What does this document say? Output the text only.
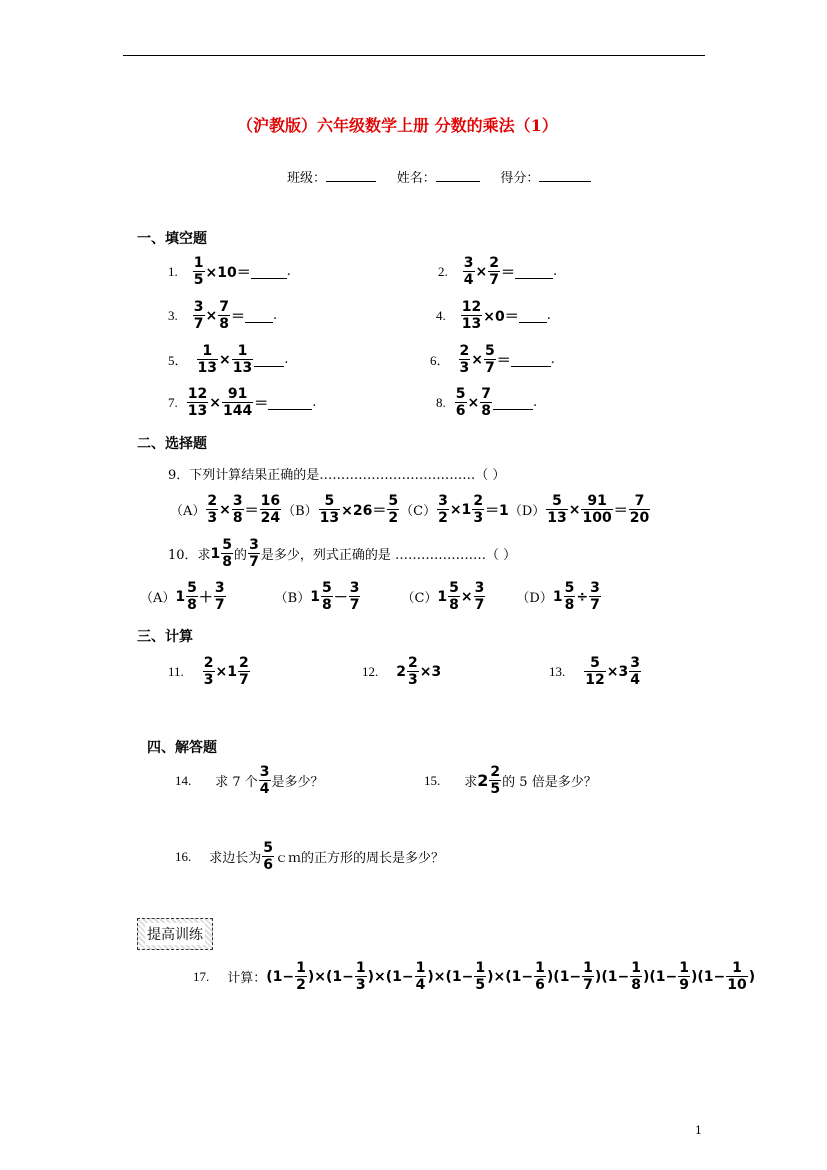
（沪教版）六年级数学上册 分数的乘法（1）
班级：	姓名：	得分：
一、填空题
1. $\frac{1}{5} \times 10=$	.	2. $\frac{3}{4} \times \frac{2}{7}$ ＝	.
3. $\frac{3}{7} \times \frac{7}{8}$ ＝ .	4. $\frac{12}{13} \times 0=$ .
5． $\frac{1}{13} \times \frac{1}{13}$ .	6． $\frac{2}{3} \times \frac{5}{7}$ ＝	.
7. $\frac{12}{13} \times \frac{91}{144}$ ＝	.	8. $\frac{5}{6} \times \frac{7}{8}$	.
二、选择题
9．下列计算结果正确的是………………………………（ ）
$(A) \frac{2}{3} \times \frac{3}{8}$ ＝
16
24 $(B) \frac{5}{13} \times 26=$
5
2 $(C) \frac{3}{2} \times 1$
2
3 ＝1 $(D) \frac{5}{13} \times \frac{91}{100}$ ＝
7
20
10．求 1
5
8 的
3
7 是多少，列式正确的是 …………………（ ）
（A） 1
5
8 ＋
3
7	（B） 1
5
8 －
3
7	（C） $1 \frac{5}{8} \times \frac{3}{7} (D)$ $1 \frac{5}{8} \div \frac{3}{7}$
三、计算
11. $\frac{2}{3} \times 1$
2
7
12. $2 \frac{2}{3} \times 3$	13. $\frac{5}{12} \times 3$
3
4
四、解答题
14. 求 7 个
3
4 是多少？	15. 求 2 2
5 的 5 倍是多少？
16. 求边长为
5
6 ｃｍ的正方形的周长是多少？
提高训练
17. 计算： $(1- \frac{1}{2} )\times(1- \frac{1}{3} )\times(1- \frac{1}{4} )\times(1- \frac{1}{5} )\times(1- \frac{1}{6} )(1- \frac{1}{7} )(1- \frac{1}{8} )(1- \frac{1}{9} )(1- \frac{1}{10}$ )
1
